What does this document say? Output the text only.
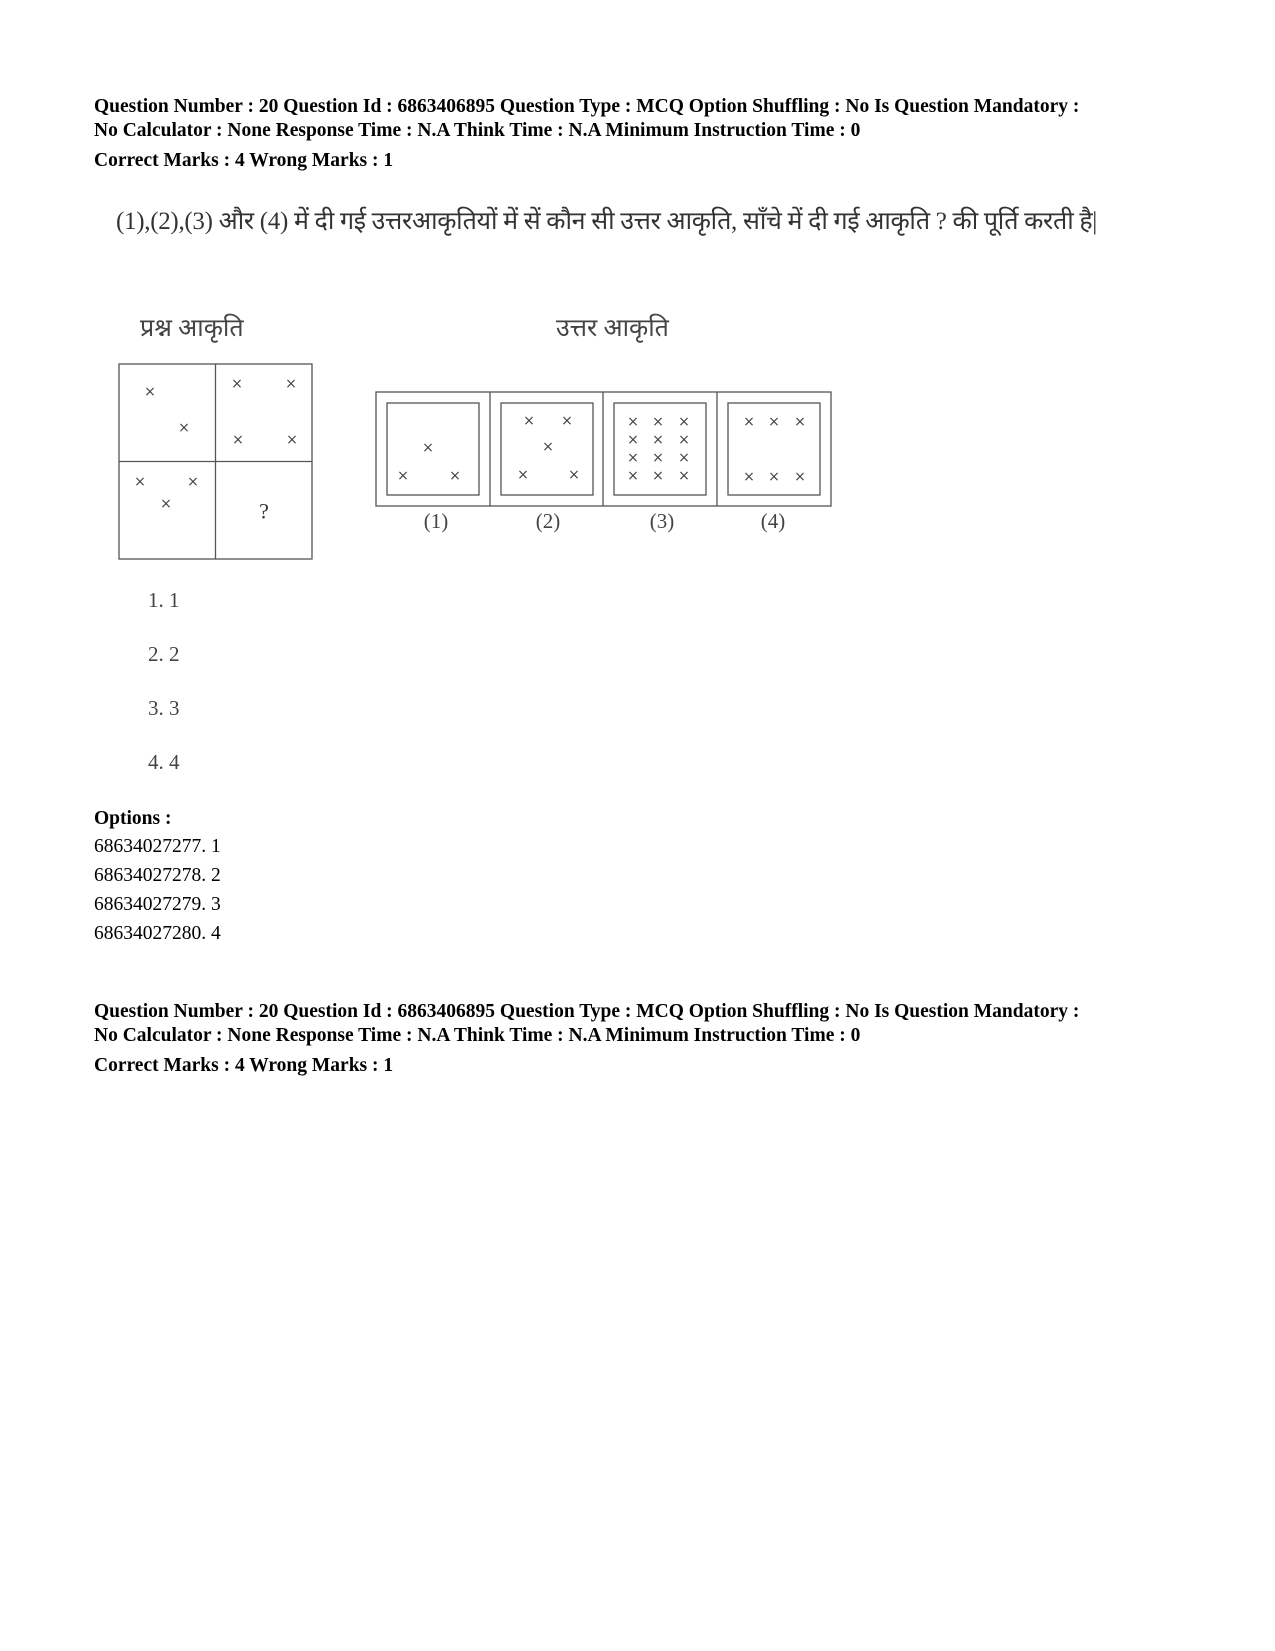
Question Number : 20 Question Id : 6863406895 Question Type : MCQ Option Shuffling : No Is Question Mandatory :
No Calculator : None Response Time : N.A Think Time : N.A Minimum Instruction Time : 0
Correct Marks : 4 Wrong Marks : 1
(1),(2),(3) और (4) में दी गई उत्तरआकृतियों में सें कौन सी उत्तर आकृति, साँचे में दी गई आकृति ? की पूर्ति करती है|
प्रश्न आकृति	उत्तर आकृति
×
×
×	×
×	×
×	×
×	?
×
×	×
× ×
×
×	×
× × ×
× × ×
× × ×
× × ×
× × ×
× × ×
(1)	(2)	(3)	(4)
1. 1
2. 2
3. 3
4. 4
Options :
68634027277. 1
68634027278. 2
68634027279. 3
68634027280. 4
Question Number : 20 Question Id : 6863406895 Question Type : MCQ Option Shuffling : No Is Question Mandatory :
No Calculator : None Response Time : N.A Think Time : N.A Minimum Instruction Time : 0
Correct Marks : 4 Wrong Marks : 1
